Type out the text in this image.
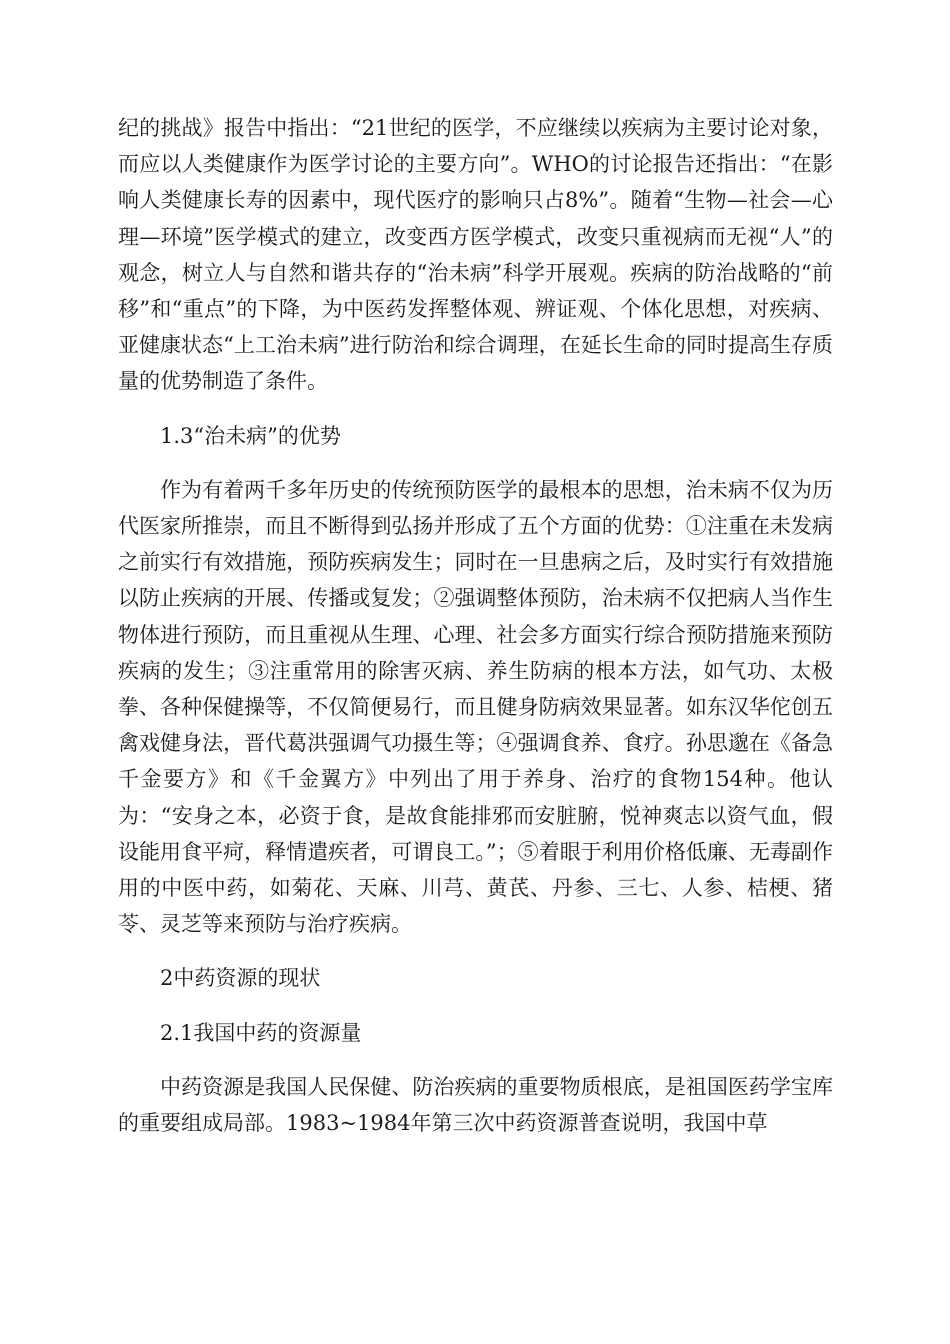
纪的挑战》报告中指出：“21世纪的医学，不应继续以疾病为主要讨论对象，而应以人类健康作为医学讨论的主要方向”。WHO的讨论报告还指出：“在影响人类健康长寿的因素中，现代医疗的影响只占8%”。随着“生物—社会—心理—环境”医学模式的建立，改变西方医学模式，改变只重视病而无视“人”的观念，树立人与自然和谐共存的“治未病”科学开展观。疾病的防治战略的“前移”和“重点”的下降，为中医药发挥整体观、辨证观、个体化思想，对疾病、亚健康状态“上工治未病”进行防治和综合调理，在延长生命的同时提高生存质量的优势制造了条件。

1.3“治未病”的优势

作为有着两千多年历史的传统预防医学的最根本的思想，治未病不仅为历代医家所推崇，而且不断得到弘扬并形成了五个方面的优势：①注重在未发病之前实行有效措施，预防疾病发生；同时在一旦患病之后，及时实行有效措施以防止疾病的开展、传播或复发；②强调整体预防，治未病不仅把病人当作生物体进行预防，而且重视从生理、心理、社会多方面实行综合预防措施来预防疾病的发生；③注重常用的除害灭病、养生防病的根本方法，如气功、太极拳、各种保健操等，不仅简便易行，而且健身防病效果显著。如东汉华佗创五禽戏健身法，晋代葛洪强调气功摄生等；④强调食养、食疗。孙思邈在《备急千金要方》和《千金翼方》中列出了用于养身、治疗的食物154种。他认为：“安身之本，必资于食，是故食能排邪而安脏腑，悦神爽志以资气血，假设能用食平疴，释情遣疾者，可谓良工。”；⑤着眼于利用价格低廉、无毒副作用的中医中药，如菊花、天麻、川芎、黄芪、丹参、三七、人参、桔梗、猪苓、灵芝等来预防与治疗疾病。

2中药资源的现状

2.1我国中药的资源量

中药资源是我国人民保健、防治疾病的重要物质根底，是祖国医药学宝库的重要组成局部。1983~1984年第三次中药资源普查说明，我国中草
